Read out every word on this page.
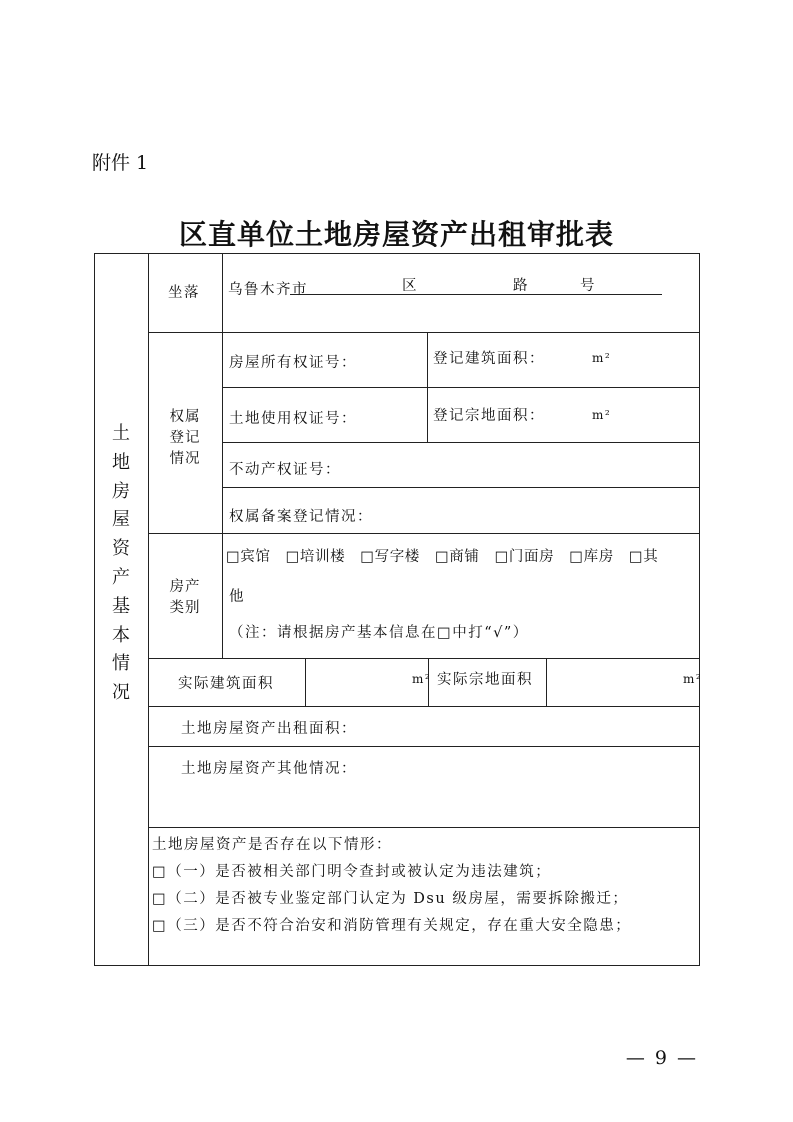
附件 1
区直单位土地房屋资产出租审批表
土
地
房
屋
资
产
基
本
情
况
坐落 乌鲁木齐市	区	路	号
权属
登记
情况
房屋所有权证号：	登记建筑面积：	m²
土地使用权证号：	登记宗地面积：	m²
不动产权证号：
权属备案登记情况：
房产
类别
□宾馆　□培训楼　□写字楼　□商铺　□门面房　□库房　□其
他
（注：请根据房产基本信息在□中打“√”）
实际建筑面积	m² 实际宗地面积	m²
土地房屋资产出租面积：
土地房屋资产其他情况：
土地房屋资产是否存在以下情形：
□（一）是否被相关部门明令查封或被认定为违法建筑；
□（二）是否被专业鉴定部门认定为 Dsu 级房屋，需要拆除搬迁；
□（三）是否不符合治安和消防管理有关规定，存在重大安全隐患；
— 9 —
